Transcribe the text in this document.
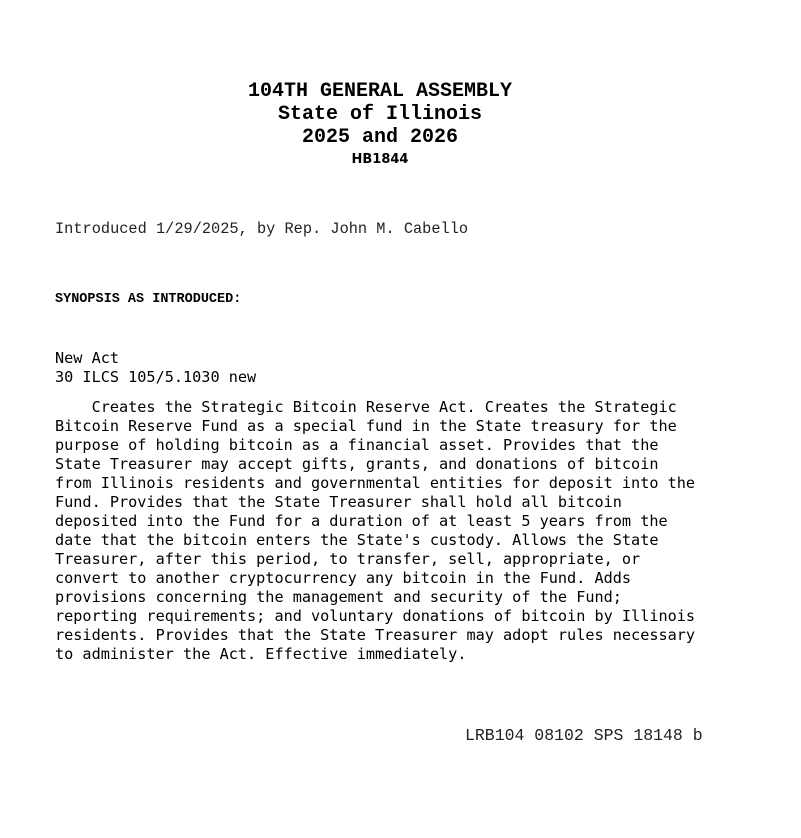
104TH GENERAL ASSEMBLY
State of Illinois
2025 and 2026
HB1844
Introduced 1/29/2025, by Rep. John M. Cabello
SYNOPSIS AS INTRODUCED:
New Act
30 ILCS 105/5.1030 new
Creates the Strategic Bitcoin Reserve Act. Creates the Strategic
Bitcoin Reserve Fund as a special fund in the State treasury for the
purpose of holding bitcoin as a financial asset. Provides that the
State Treasurer may accept gifts, grants, and donations of bitcoin
from Illinois residents and governmental entities for deposit into the
Fund. Provides that the State Treasurer shall hold all bitcoin
deposited into the Fund for a duration of at least 5 years from the
date that the bitcoin enters the State's custody. Allows the State
Treasurer, after this period, to transfer, sell, appropriate, or
convert to another cryptocurrency any bitcoin in the Fund. Adds
provisions concerning the management and security of the Fund;
reporting requirements; and voluntary donations of bitcoin by Illinois
residents. Provides that the State Treasurer may adopt rules necessary
to administer the Act. Effective immediately.
LRB104 08102 SPS 18148 b
